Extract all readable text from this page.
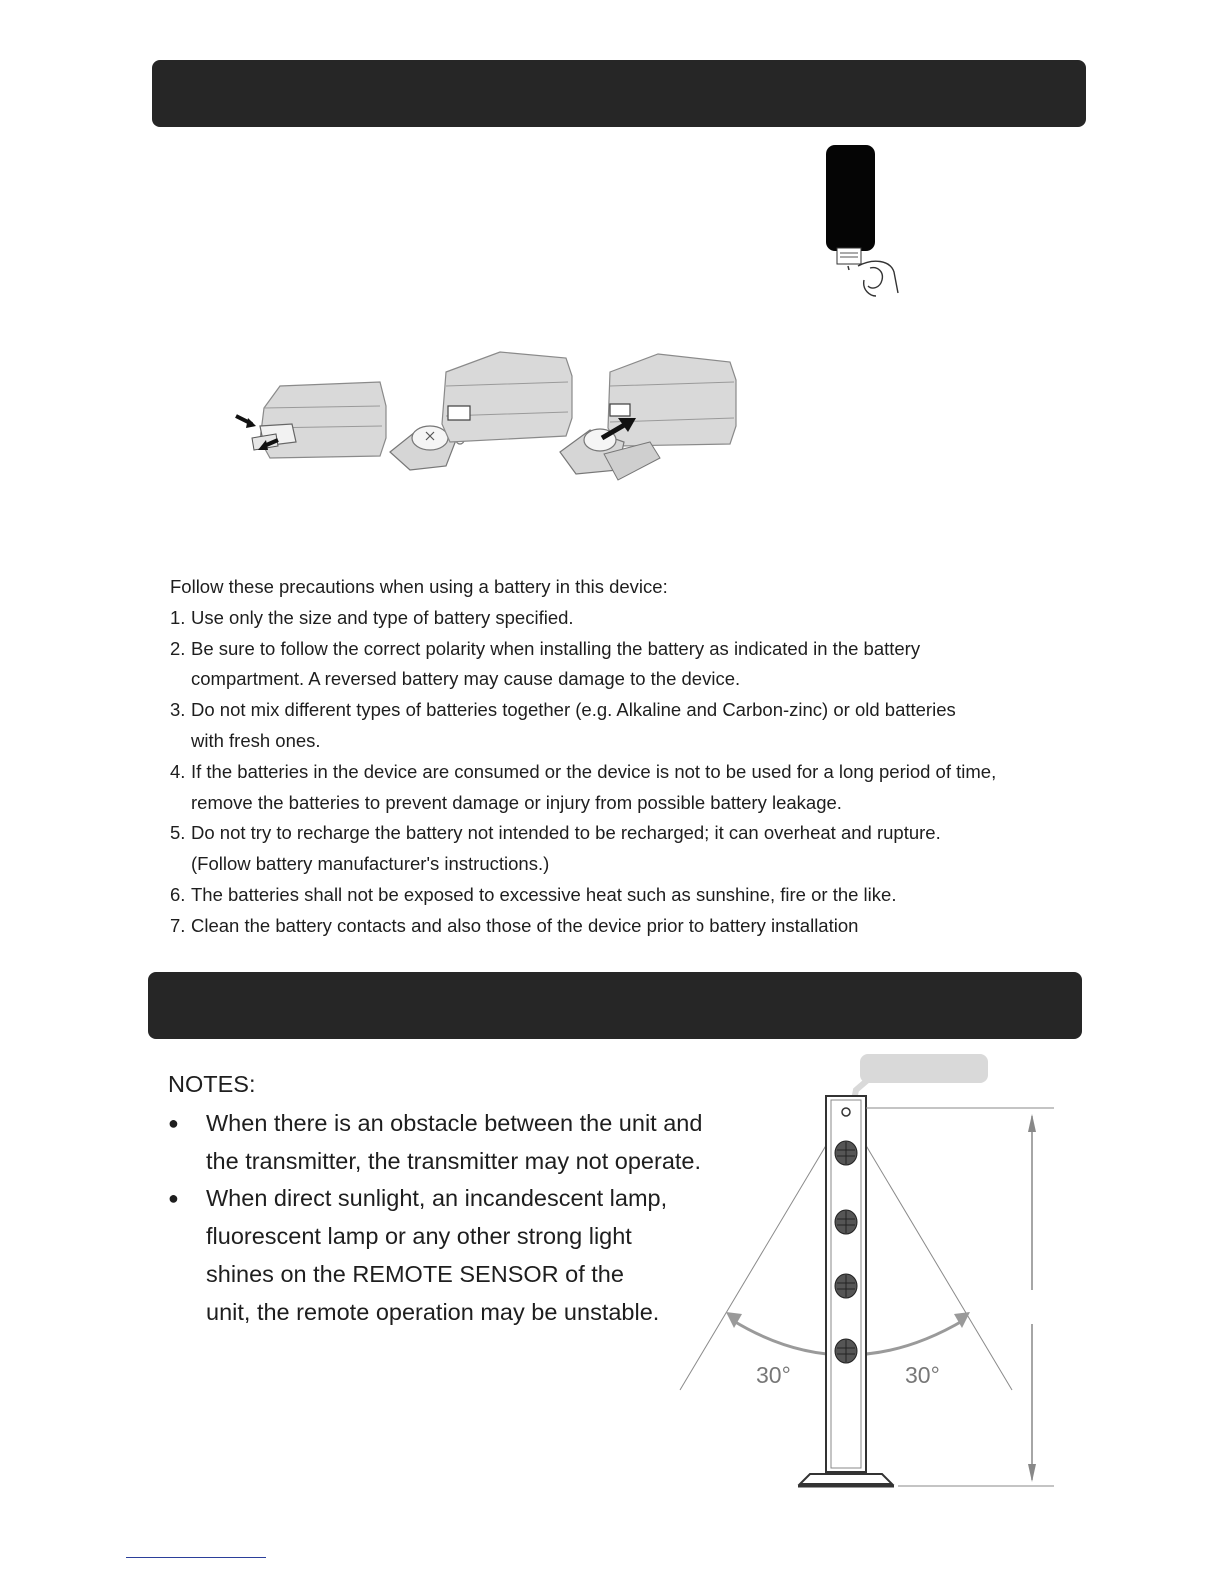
Follow these precautions when using a battery in this device:

1. Use only the size and type of battery specified.
2. Be sure to follow the correct polarity when installing the battery as indicated in the battery
compartment. A reversed battery may cause damage to the device.
3. Do not mix different types of batteries together (e.g. Alkaline and Carbon-zinc) or old batteries
with fresh ones.
4. If the batteries in the device are consumed or the device is not to be used for a long period of time,
remove the batteries to prevent damage or injury from possible battery leakage.
5. Do not try to recharge the battery not intended to be recharged; it can overheat and rupture.
(Follow battery manufacturer's instructions.)
6. The batteries shall not be exposed to excessive heat such as sunshine, fire or the like.
7. Clean the battery contacts and also those of the device prior to battery installation

NOTES:

● When there is an obstacle between the unit and
the transmitter, the transmitter may not operate.
● When direct sunlight, an incandescent lamp,
fluorescent lamp or any other strong light
shines on the REMOTE SENSOR of the
unit, the remote operation may be unstable.
30°	30°
